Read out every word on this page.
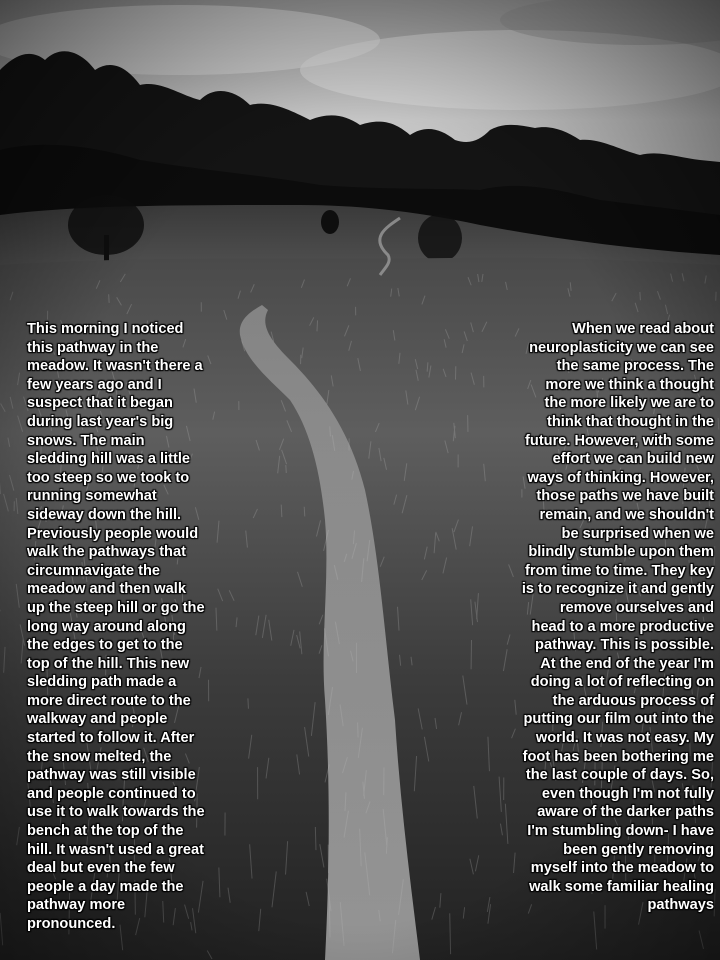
This morning I noticed
this pathway in the
meadow. It wasn't there a
few years ago and I
suspect that it began
during last year's big
snows. The main
sledding hill was a little
too steep so we took to
running somewhat
sideway down the hill.
Previously people would
walk the pathways that
circumnavigate the
meadow and then walk
up the steep hill or go the
long way around along
the edges to get to the
top of the hill. This new
sledding path made a
more direct route to the
walkway and people
started to follow it. After
the snow melted, the
pathway was still visible
and people continued to
use it to walk towards the
bench at the top of the
hill. It wasn't used a great
deal but even the few
people a day made the
pathway more
pronounced.
When we read about
neuroplasticity we can see
the same process. The
more we think a thought
the more likely we are to
think that thought in the
future. However, with some
effort we can build new
ways of thinking. However,
those paths we have built
remain, and we shouldn't
be surprised when we
blindly stumble upon them
from time to time. They key
is to recognize it and gently
remove ourselves and
head to a more productive
pathway. This is possible.
At the end of the year I'm
doing a lot of reflecting on
the arduous process of
putting our film out into the
world. It was not easy. My
foot has been bothering me
the last couple of days. So,
even though I'm not fully
aware of the darker paths
I'm stumbling down- I have
been gently removing
myself into the meadow to
walk some familiar healing
pathways
